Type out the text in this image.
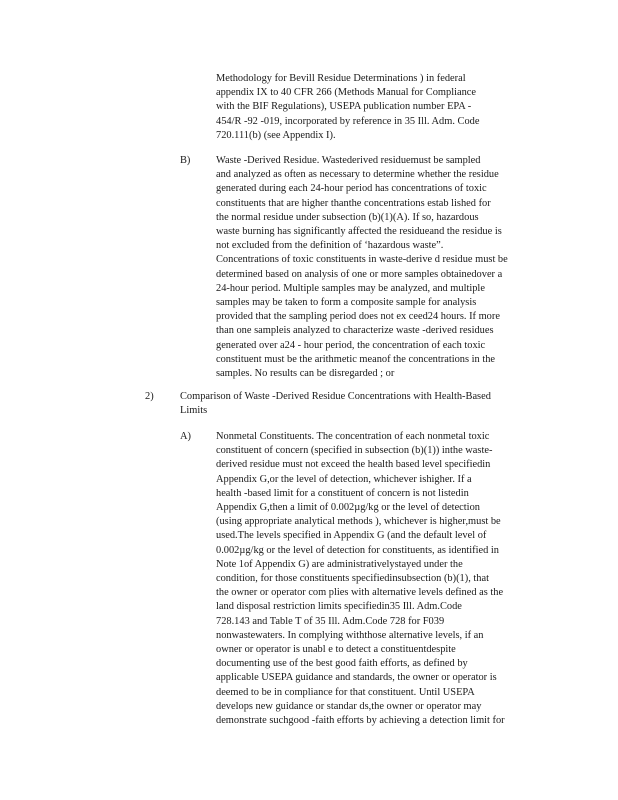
Methodology for Bevill Residue Determinations ) in federal
appendix IX to 40 CFR 266 (Methods Manual for Compliance
with the BIF Regulations), USEPA publication number EPA -
454/R -92 -019, incorporated by reference in 35 Ill. Adm. Code
720.111(b) (see Appendix I).
B) Waste -Derived Residue. Wastederived residuemust be sampled
and analyzed as often as necessary to determine whether the residue
generated during each 24-hour period has concentrations of toxic
constituents that are higher thanthe concentrations estab lished for
the normal residue under subsection (b)(1)(A). If so, hazardous
waste burning has significantly affected the residueand the residue is
not excluded from the definition of ‘hazardous waste”.
Concentrations of toxic constituents in waste-derive d residue must be
determined based on analysis of one or more samples obtainedover a
24-hour period. Multiple samples may be analyzed, and multiple
samples may be taken to form a composite sample for analysis
provided that the sampling period does not ex ceed24 hours. If more
than one sampleis analyzed to characterize waste -derived residues
generated over a24 - hour period, the concentration of each toxic
constituent must be the arithmetic meanof the concentrations in the
samples. No results can be disregarded ; or
2)	Comparison of Waste -Derived Residue Concentrations with Health-Based
Limits
A) Nonmetal Constituents. The concentration of each nonmetal toxic
constituent of concern (specified in subsection (b)(1)) inthe waste-
derived residue must not exceed the health based level specifiedin
Appendix G,or the level of detection, whichever ishigher. If a
health -based limit for a constituent of concern is not listedin
Appendix G,then a limit of 0.002µg/kg or the level of detection
(using appropriate analytical methods ), whichever is higher,must be
used.The levels specified in Appendix G (and the default level of
0.002µg/kg or the level of detection for constituents, as identified in
Note 1of Appendix G) are administrativelystayed under the
condition, for those constituents specifiedinsubsection (b)(1), that
the owner or operator com plies with alternative levels defined as the
land disposal restriction limits specifiedin35 Ill. Adm.Code
728.143 and Table T of 35 Ill. Adm.Code 728 for F039
nonwastewaters. In complying withthose alternative levels, if an
owner or operator is unabl e to detect a constituentdespite
documenting use of the best good faith efforts, as defined by
applicable USEPA guidance and standards, the owner or operator is
deemed to be in compliance for that constituent. Until USEPA
develops new guidance or standar ds,the owner or operator may
demonstrate suchgood -faith efforts by achieving a detection limit for
